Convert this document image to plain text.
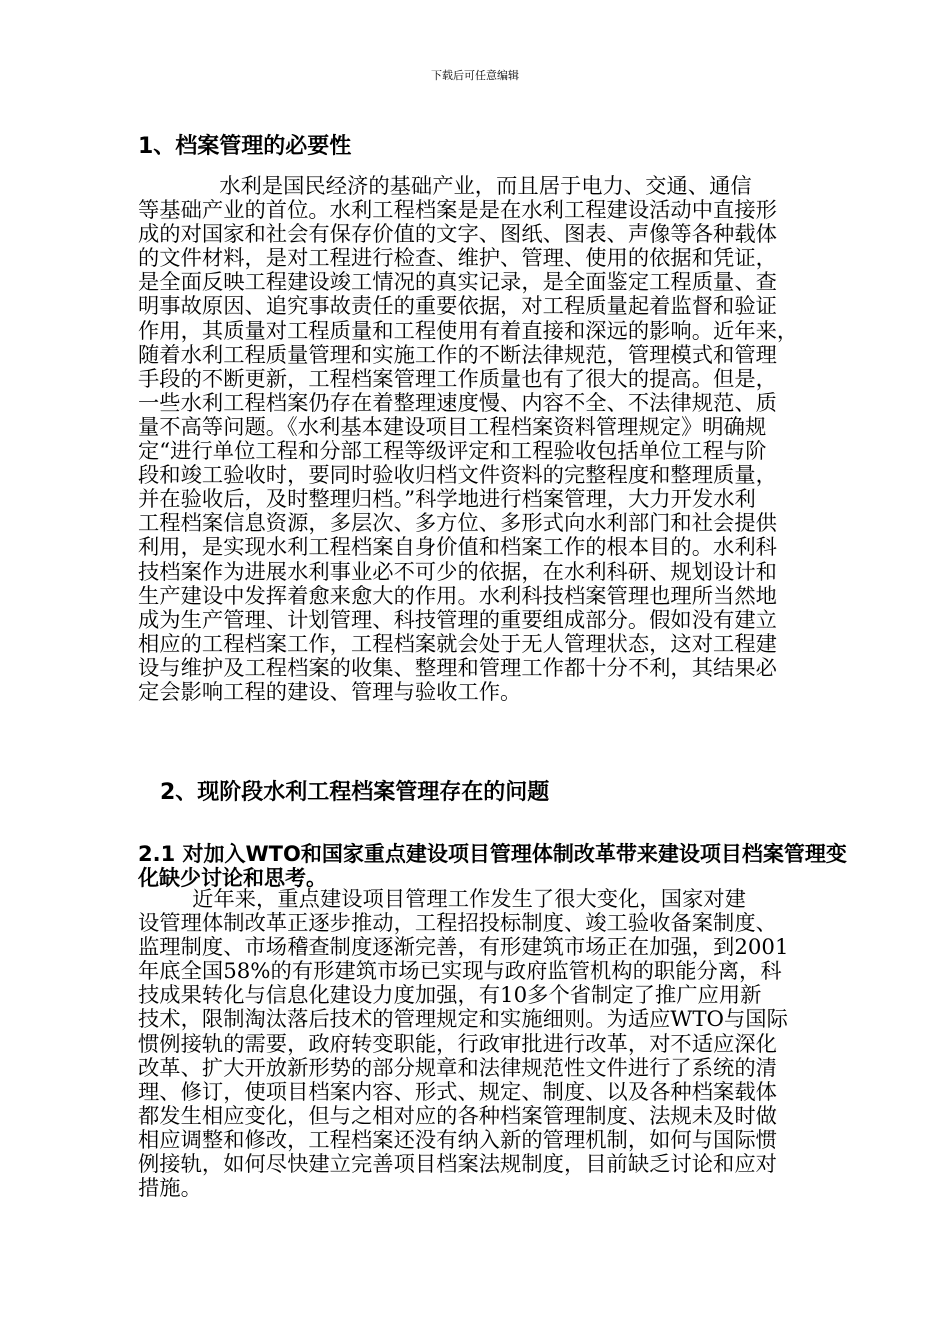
下载后可任意编辑
1、档案管理的必要性
水利是国民经济的基础产业，而且居于电力、交通、通信
等基础产业的首位。水利工程档案是是在水利工程建设活动中直接形
成的对国家和社会有保存价值的文字、图纸、图表、声像等各种载体
的文件材料，是对工程进行检查、维护、管理、使用的依据和凭证，
是全面反映工程建设竣工情况的真实记录，是全面鉴定工程质量、查
明事故原因、追究事故责任的重要依据，对工程质量起着监督和验证
作用，其质量对工程质量和工程使用有着直接和深远的影响。近年来，
随着水利工程质量管理和实施工作的不断法律规范，管理模式和管理
手段的不断更新，工程档案管理工作质量也有了很大的提高。但是，
一些水利工程档案仍存在着整理速度慢、内容不全、不法律规范、质
量不高等问题。《水利基本建设项目工程档案资料管理规定》明确规
定“进行单位工程和分部工程等级评定和工程验收包括单位工程与阶
段和竣工验收时，要同时验收归档文件资料的完整程度和整理质量，
并在验收后，及时整理归档。”科学地进行档案管理，大力开发水利
工程档案信息资源，多层次、多方位、多形式向水利部门和社会提供
利用，是实现水利工程档案自身价值和档案工作的根本目的。水利科
技档案作为进展水利事业必不可少的依据，在水利科研、规划设计和
生产建设中发挥着愈来愈大的作用。水利科技档案管理也理所当然地
成为生产管理、计划管理、科技管理的重要组成部分。假如没有建立
相应的工程档案工作，工程档案就会处于无人管理状态，这对工程建
设与维护及工程档案的收集、整理和管理工作都十分不利，其结果必
定会影响工程的建设、管理与验收工作。
2、现阶段水利工程档案管理存在的问题
2.1 对加入WTO和国家重点建设项目管理体制改革带来建设项目档案管理变化缺少讨论和思考。
近年来，重点建设项目管理工作发生了很大变化，国家对建
设管理体制改革正逐步推动，工程招投标制度、竣工验收备案制度、
监理制度、市场稽查制度逐渐完善，有形建筑市场正在加强，到2001
年底全国58%的有形建筑市场已实现与政府监管机构的职能分离，科
技成果转化与信息化建设力度加强，有10多个省制定了推广应用新
技术，限制淘汰落后技术的管理规定和实施细则。为适应WTO与国际
惯例接轨的需要，政府转变职能，行政审批进行改革，对不适应深化
改革、扩大开放新形势的部分规章和法律规范性文件进行了系统的清
理、修订，使项目档案内容、形式、规定、制度、以及各种档案载体
都发生相应变化，但与之相对应的各种档案管理制度、法规未及时做
相应调整和修改，工程档案还没有纳入新的管理机制，如何与国际惯
例接轨，如何尽快建立完善项目档案法规制度，目前缺乏讨论和应对
措施。
